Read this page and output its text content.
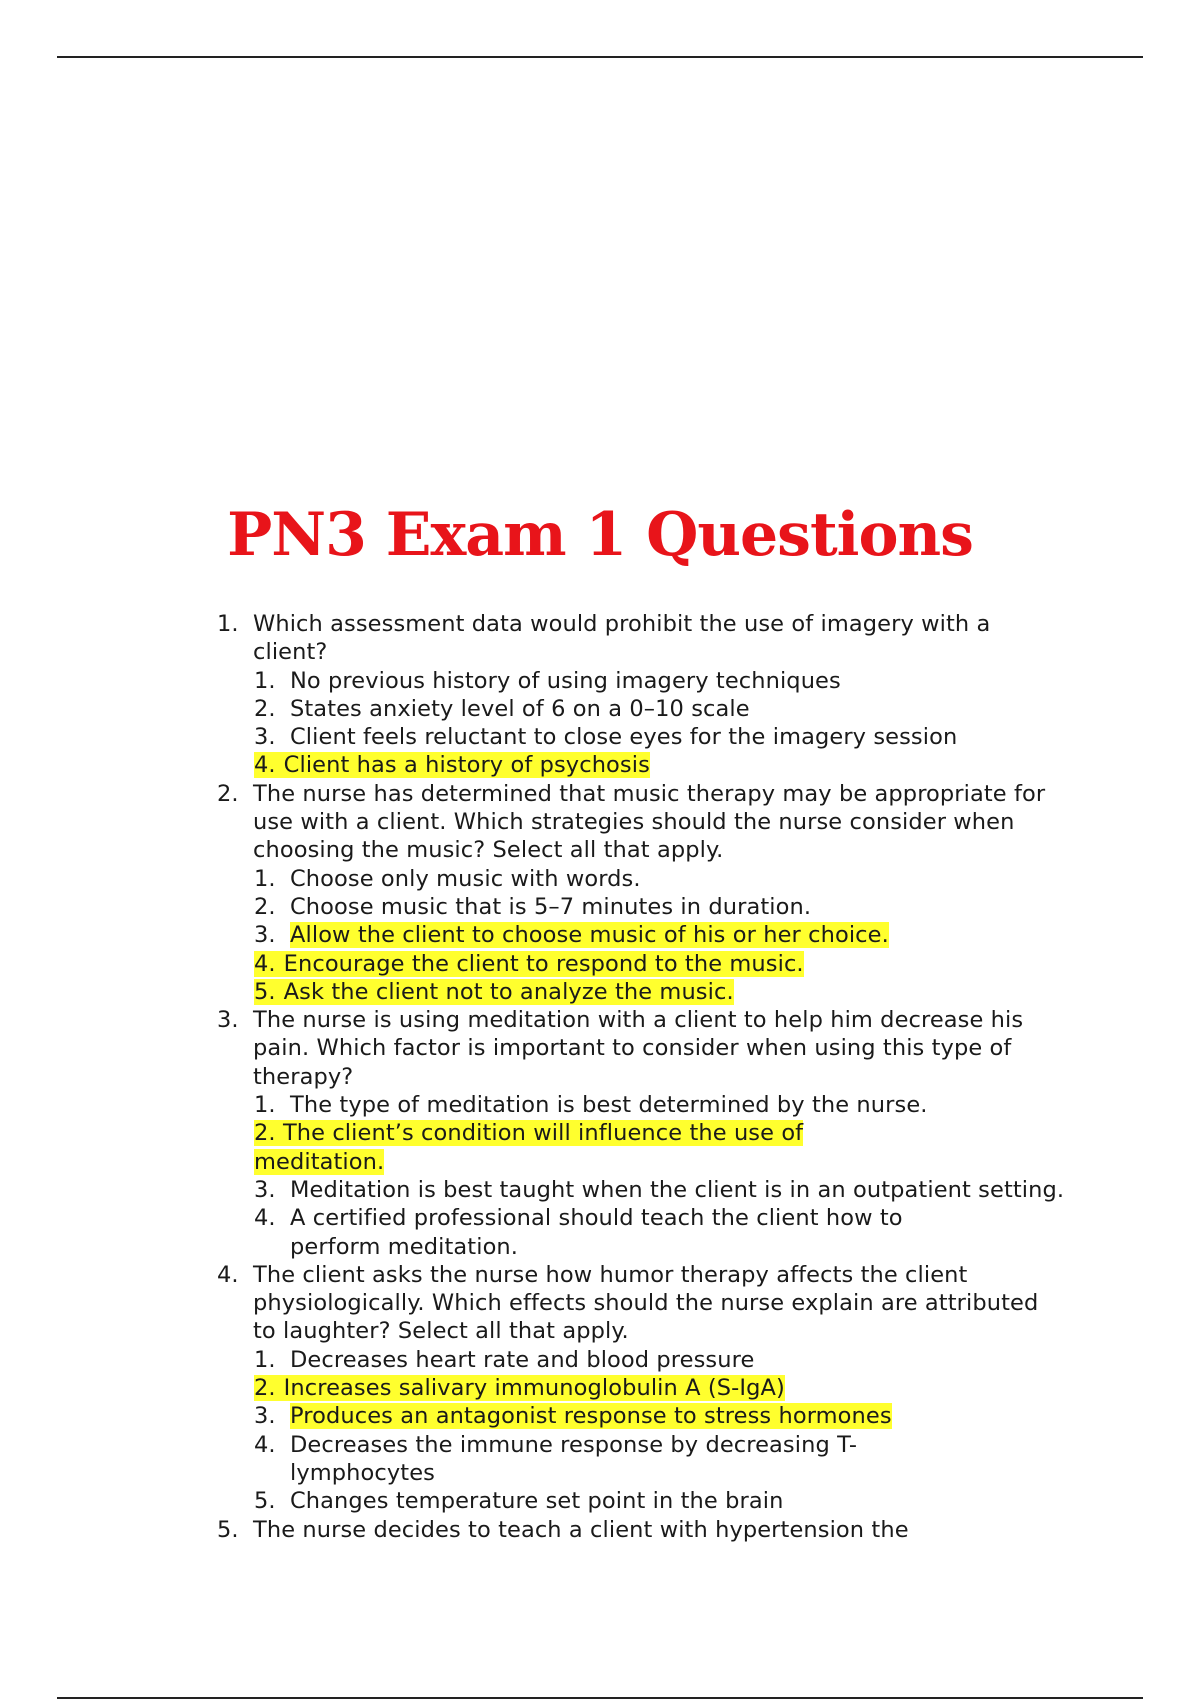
PN3 Exam 1 Questions
1. Which assessment data would prohibit the use of imagery with a client?
1. No previous history of using imagery techniques
2. States anxiety level of 6 on a 0–10 scale
3. Client feels reluctant to close eyes for the imagery session
4. Client has a history of psychosis
2. The nurse has determined that music therapy may be appropriate for use with a client. Which strategies should the nurse consider when choosing the music? Select all that apply.
1. Choose only music with words.
2. Choose music that is 5–7 minutes in duration.
3. Allow the client to choose music of his or her choice.
4. Encourage the client to respond to the music.
5. Ask the client not to analyze the music.
3. The nurse is using meditation with a client to help him decrease his pain. Which factor is important to consider when using this type of therapy?
1. The type of meditation is best determined by the nurse.
2. The client’s condition will influence the use of meditation.
3. Meditation is best taught when the client is in an outpatient setting.
4. A certified professional should teach the client how to perform meditation.
4. The client asks the nurse how humor therapy affects the client physiologically. Which effects should the nurse explain are attributed to laughter? Select all that apply.
1. Decreases heart rate and blood pressure
2. Increases salivary immunoglobulin A (S-IgA)
3. Produces an antagonist response to stress hormones
4. Decreases the immune response by decreasing T- lymphocytes
5. Changes temperature set point in the brain
5. The nurse decides to teach a client with hypertension the
